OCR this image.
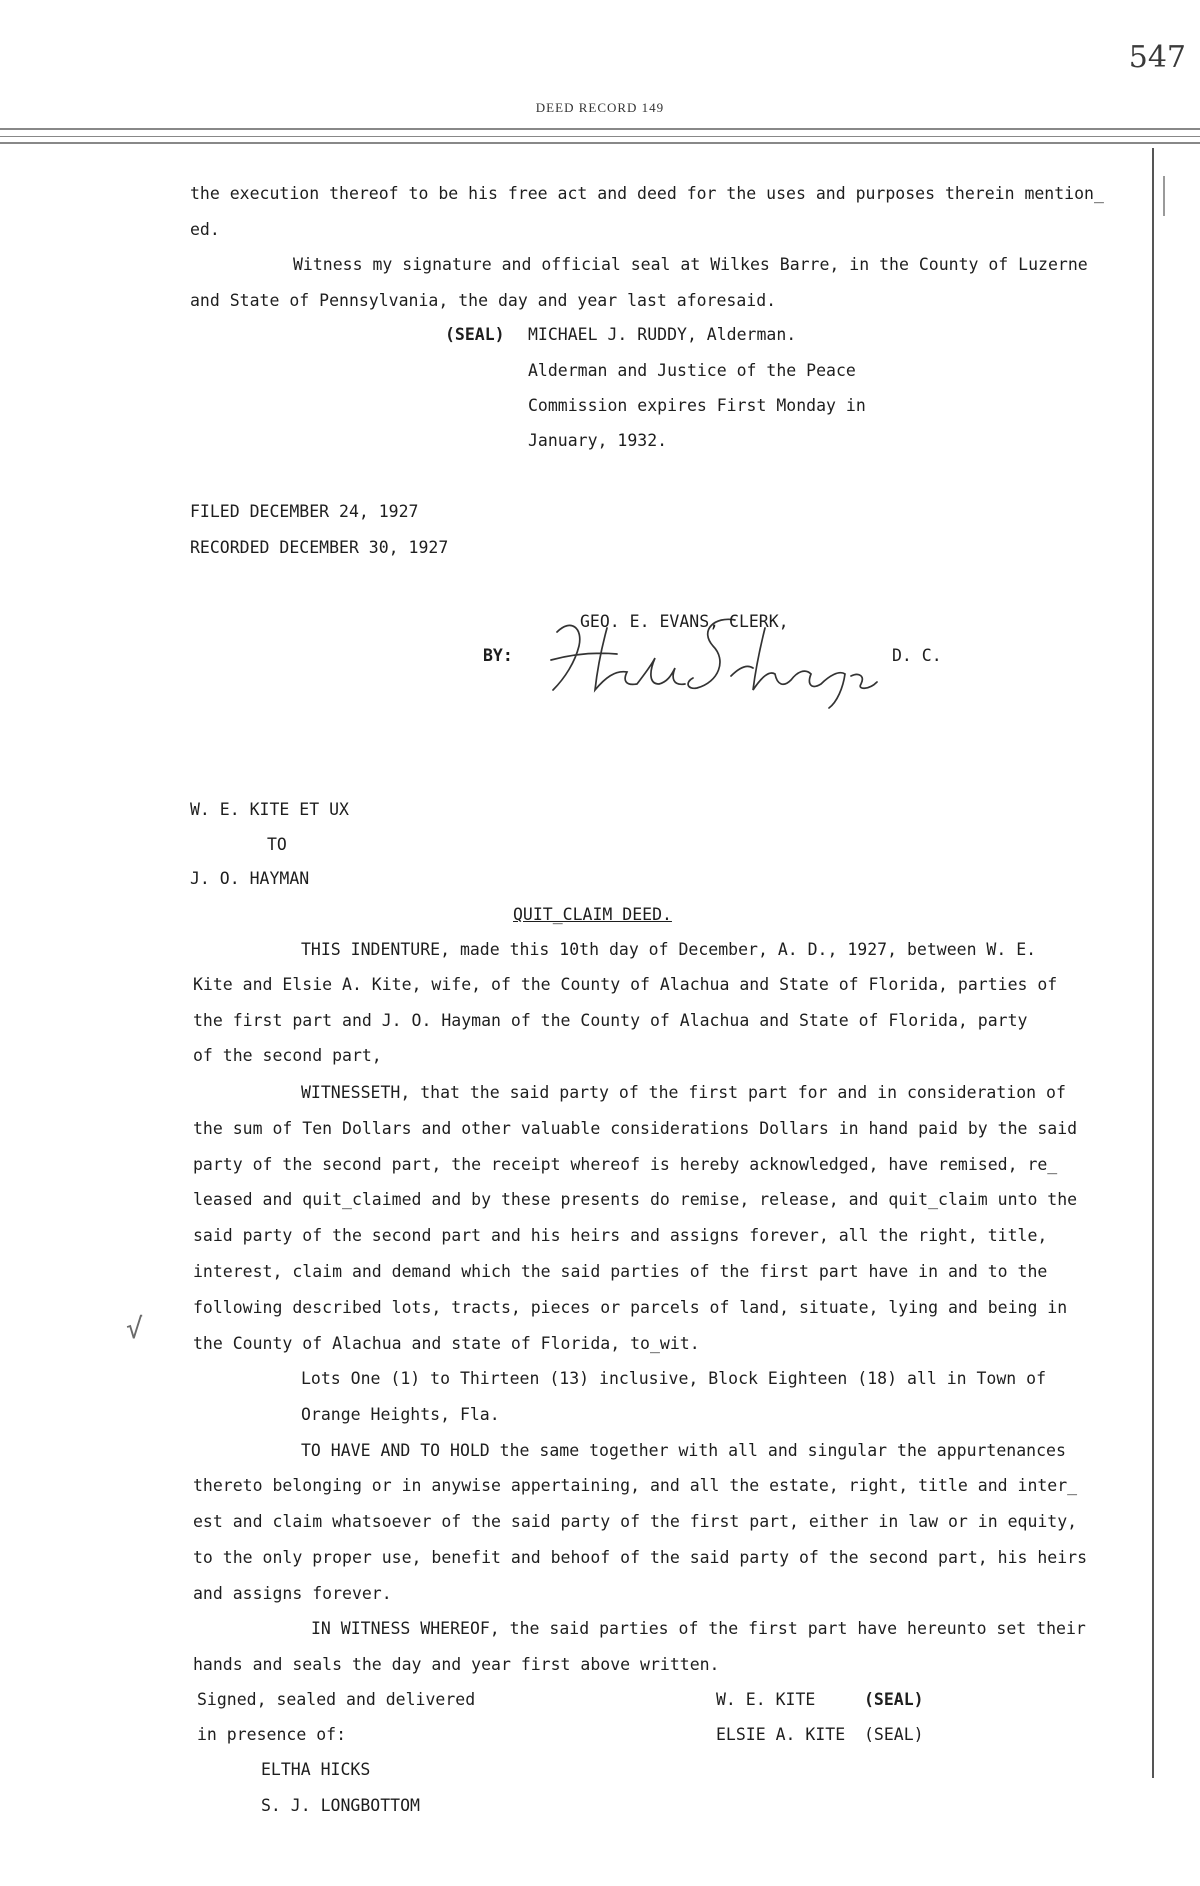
547
DEED RECORD 149
√
the execution thereof to be his free act and deed for the uses and purposes therein mention_
ed.
Witness my signature and official seal at Wilkes Barre, in the County of Luzerne
and State of Pennsylvania, the day and year last aforesaid.
(SEAL) MICHAEL J. RUDDY, Alderman.
Alderman and Justice of the Peace
Commission expires First Monday in
January, 1932.
FILED DECEMBER 24, 1927
RECORDED DECEMBER 30, 1927
GEO. E. EVANS, CLERK,
BY:	D. C.
W. E. KITE ET UX
TO
J. O. HAYMAN
QUIT_CLAIM DEED.
THIS INDENTURE, made this 10th day of December, A. D., 1927, between W. E.
Kite and Elsie A. Kite, wife, of the County of Alachua and State of Florida, parties of
the first part and J. O. Hayman of the County of Alachua and State of Florida, party
of the second part,
WITNESSETH, that the said party of the first part for and in consideration of
the sum of Ten Dollars and other valuable considerations Dollars in hand paid by the said
party of the second part, the receipt whereof is hereby acknowledged, have remised, re_
leased and quit_claimed and by these presents do remise, release, and quit_claim unto the
said party of the second part and his heirs and assigns forever, all the right, title,
interest, claim and demand which the said parties of the first part have in and to the
following described lots, tracts, pieces or parcels of land, situate, lying and being in
the County of Alachua and state of Florida, to_wit.
Lots One (1) to Thirteen (13) inclusive, Block Eighteen (18) all in Town of
Orange Heights, Fla.
TO HAVE AND TO HOLD the same together with all and singular the appurtenances
thereto belonging or in anywise appertaining, and all the estate, right, title and inter_
est and claim whatsoever of the said party of the first part, either in law or in equity,
to the only proper use, benefit and behoof of the said party of the second part, his heirs
and assigns forever.
IN WITNESS WHEREOF, the said parties of the first part have hereunto set their
hands and seals the day and year first above written.
Signed, sealed and delivered
in presence of:
ELTHA HICKS
S. J. LONGBOTTOM
W. E. KITE	(SEAL)
ELSIE A. KITE (SEAL)
